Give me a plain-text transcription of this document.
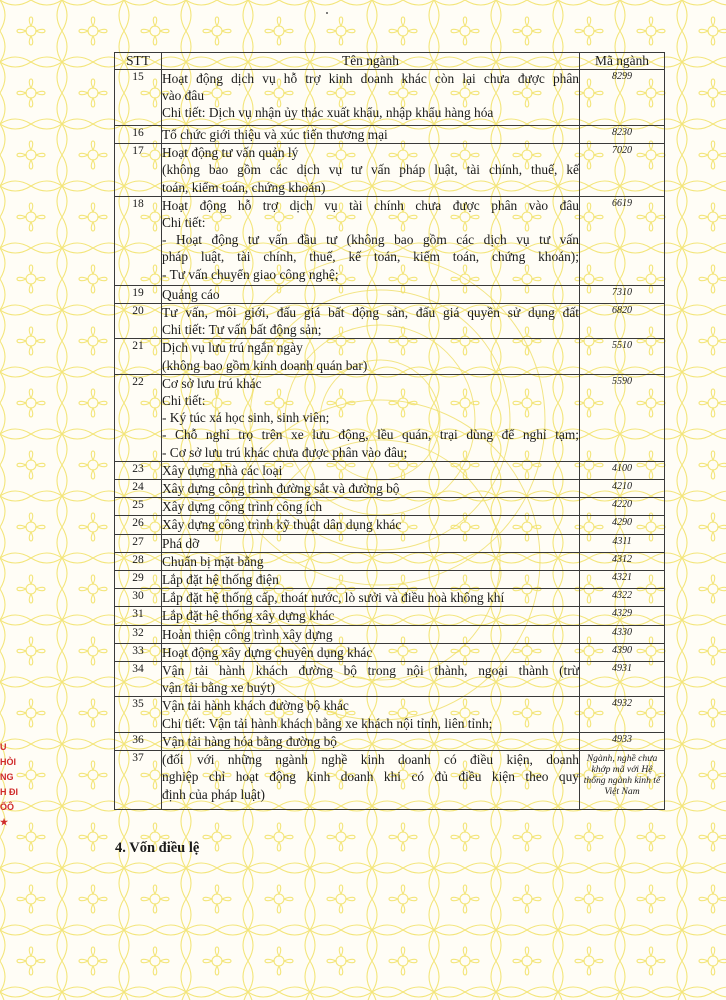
STT	Tên ngành	Mã ngành
15	Hoạt động dịch vụ hỗ trợ kinh doanh khác còn lại chưa được phân
vào đâu
Chi tiết: Dịch vụ nhận ủy thác xuất khẩu, nhập khẩu hàng hóa	8299
16	Tổ chức giới thiệu và xúc tiến thương mại	8230
17	Hoạt động tư vấn quản lý
(không bao gồm các dịch vụ tư vấn pháp luật, tài chính, thuế, kế
toán, kiểm toán, chứng khoán)	7020
18	Hoạt động hỗ trợ dịch vụ tài chính chưa được phân vào đâu
Chi tiết:
- Hoạt động tư vấn đầu tư (không bao gồm các dịch vụ tư vấn
pháp luật, tài chính, thuế, kế toán, kiểm toán, chứng khoán);
- Tư vấn chuyển giao công nghệ;	6619
19	Quảng cáo	7310
20	Tư vấn, môi giới, đấu giá bất động sản, đấu giá quyền sử dụng đất
Chi tiết: Tư vấn bất động sản;	6820
21	Dịch vụ lưu trú ngắn ngày
(không bao gồm kinh doanh quán bar)	5510
22	Cơ sở lưu trú khác
Chi tiết:
- Ký túc xá học sinh, sinh viên;
- Chỗ nghỉ trọ trên xe lưu động, lều quán, trại dùng để nghỉ tạm;
- Cơ sở lưu trú khác chưa được phân vào đâu;	5590
23	Xây dựng nhà các loại	4100
24	Xây dựng công trình đường sắt và đường bộ	4210
25	Xây dựng công trình công ích	4220
26	Xây dựng công trình kỹ thuật dân dụng khác	4290
27	Phá dỡ	4311
28	Chuẩn bị mặt bằng	4312
29	Lắp đặt hệ thống điện	4321
30	Lắp đặt hệ thống cấp, thoát nước, lò sưởi và điều hoà không khí	4322
31	Lắp đặt hệ thống xây dựng khác	4329
32	Hoàn thiện công trình xây dựng	4330
33	Hoạt động xây dựng chuyên dụng khác	4390
34	Vận tải hành khách đường bộ trong nội thành, ngoại thành (trừ
vận tải bằng xe buýt)	4931
35	Vận tải hành khách đường bộ khác
Chi tiết: Vận tải hành khách bằng xe khách nội tỉnh, liên tỉnh;	4932
36	Vận tải hàng hóa bằng đường bộ	4933
37	(đối với những ngành nghề kinh doanh có điều kiện, doanh
nghiệp chỉ hoạt động kinh doanh khi có đủ điều kiện theo quy
định của pháp luật)	Ngành, nghề chưa khớp mã với Hệ thống ngành kinh tế Việt Nam
4. Vốn điều lệ
U
HÒI
NG
H ĐI
ỐÔ
★
